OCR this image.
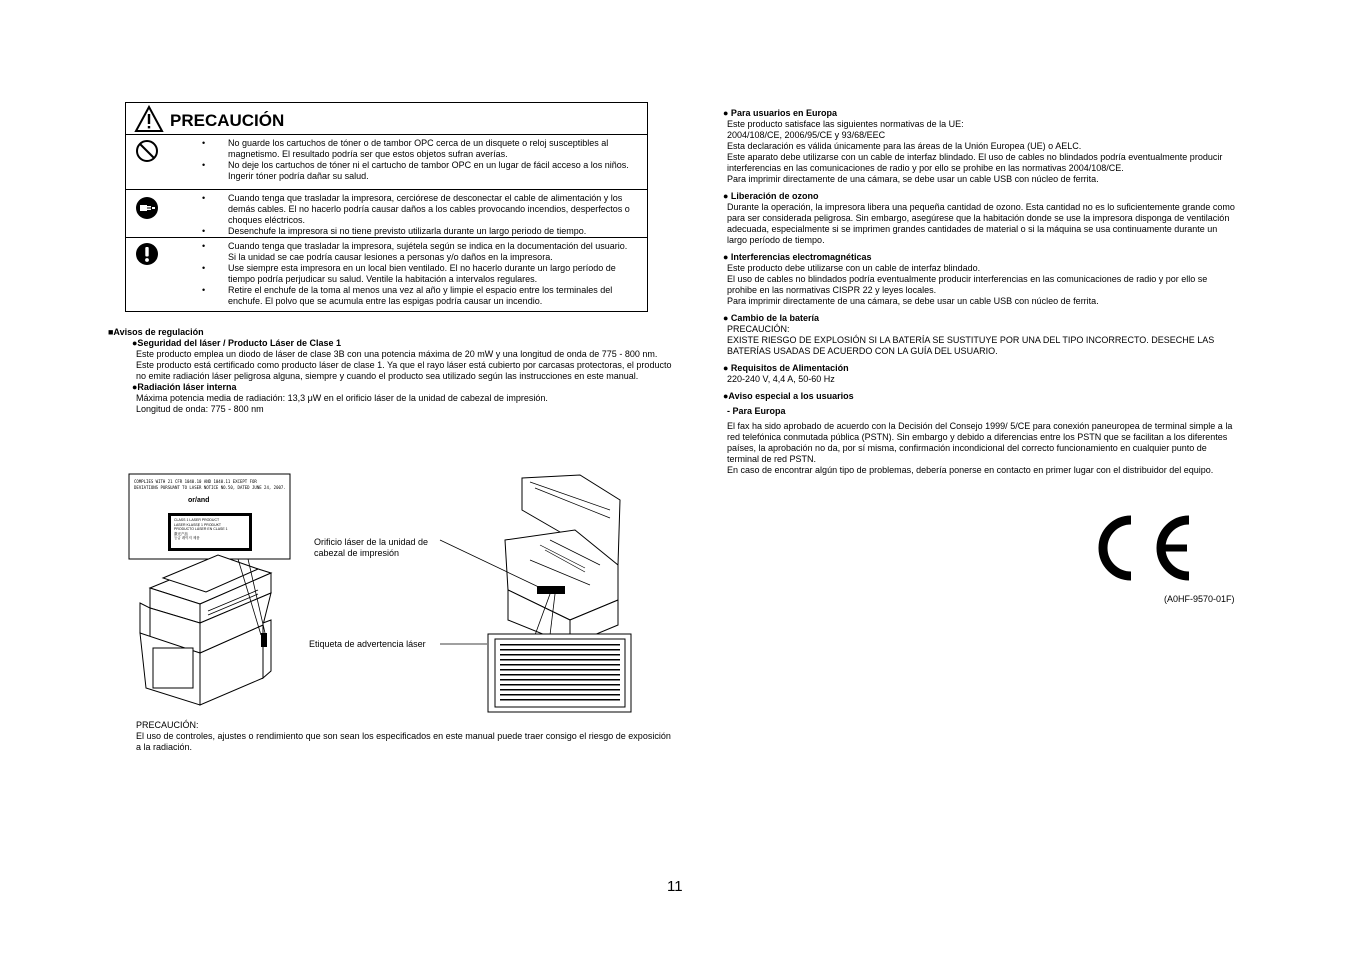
PRECAUCIÓN
• No guarde los cartuchos de tóner o de tambor OPC cerca de un disquete o reloj susceptibles al magnetismo. El resultado podría ser que estos objetos sufran averías.
• No deje los cartuchos de tóner ni el cartucho de tambor OPC en un lugar de fácil acceso a los niños. Ingerir tóner podría dañar su salud.
• Cuando tenga que trasladar la impresora, cerciórese de desconectar el cable de alimentación y los demás cables. El no hacerlo podría causar daños a los cables provocando incendios, desperfectos o choques eléctricos.
• Desenchufe la impresora si no tiene previsto utilizarla durante un largo periodo de tiempo.
• Cuando tenga que trasladar la impresora, sujétela según se indica en la documentación del usuario. Si la unidad se cae podría causar lesiones a personas y/o daños en la impresora.
• Use siempre esta impresora en un local bien ventilado. El no hacerlo durante un largo período de tiempo podría perjudicar su salud. Ventile la habitación a intervalos regulares.
• Retire el enchufe de la toma al menos una vez al año y limpie el espacio entre los terminales del enchufe. El polvo que se acumula entre las espigas podría causar un incendio.

■Avisos de regulación

●Seguridad del láser / Producto Láser de Clase 1

Este producto emplea un diodo de láser de clase 3B con una potencia máxima de 20 mW y una longitud de onda de 775 - 800 nm.

Este producto está certificado como producto láser de clase 1. Ya que el rayo láser está cubierto por carcasas protectoras, el producto no emite radiación láser peligrosa alguna, siempre y cuando el producto sea utilizado según las instrucciones en este manual.

●Radiación láser interna

Máxima potencia media de radiación: 13,3 μW en el orificio láser de la unidad de cabezal de impresión.

Longitud de onda: 775 - 800 nm

COMPLIES WITH 21 CFR 1040.10 AND 1040.11 EXCEPT FOR
DEVIATIONS PURSUANT TO LASER NOTICE NO.50, DATED JUNE 24, 2007.
or/and
CLASS 1 LASER PRODUCT
LASER KLASSE 1 PRODUKT
PRODUCTO LÁSER EN CLASE 1
激光产品
등급 레이저 제품	Orificio láser de la unidad de cabezal de impresión
Etiqueta de advertencia láser

PRECAUCIÓN:

El uso de controles, ajustes o rendimiento que son sean los especificados en este manual puede traer consigo el riesgo de exposición a la radiación.

● Para usuarios en Europa

Este producto satisface las siguientes normativas de la UE:

2004/108/CE, 2006/95/CE y 93/68/EEC

Esta declaración es válida únicamente para las áreas de la Unión Europea (UE) o AELC.

Este aparato debe utilizarse con un cable de interfaz blindado. El uso de cables no blindados podría eventualmente producir interferencias en las comunicaciones de radio y por ello se prohibe en las normativas 2004/108/CE.

Para imprimir directamente de una cámara, se debe usar un cable USB con núcleo de ferrita.

● Liberación de ozono

Durante la operación, la impresora libera una pequeña cantidad de ozono. Esta cantidad no es lo suficientemente grande como para ser considerada peligrosa. Sin embargo, asegúrese que la habitación donde se use la impresora disponga de ventilación adecuada, especialmente si se imprimen grandes cantidades de material o si la máquina se usa continuamente durante un largo período de tiempo.

● Interferencias electromagnéticas

Este producto debe utilizarse con un cable de interfaz blindado.

El uso de cables no blindados podría eventualmente producir interferencias en las comunicaciones de radio y por ello se prohibe en las normativas CISPR 22 y leyes locales.

Para imprimir directamente de una cámara, se debe usar un cable USB con núcleo de ferrita.

● Cambio de la batería

PRECAUCIÓN:

EXISTE RIESGO DE EXPLOSIÓN SI LA BATERÍA SE SUSTITUYE POR UNA DEL TIPO INCORRECTO. DESECHE LAS BATERÍAS USADAS DE ACUERDO CON LA GUÍA DEL USUARIO.

● Requisitos de Alimentación

220-240 V, 4,4 A, 50-60 Hz

●Aviso especial a los usuarios

- Para Europa

El fax ha sido aprobado de acuerdo con la Decisión del Consejo 1999/ 5/CE para conexión paneuropea de terminal simple a la red telefónica conmutada pública (PSTN). Sin embargo y debido a diferencias entre los PSTN que se facilitan a los diferentes países, la aprobación no da, por sí misma, confirmación incondicional del correcto funcionamiento en cualquier punto de terminal de red PSTN.

En caso de encontrar algún tipo de problemas, debería ponerse en contacto en primer lugar con el distribuidor del equipo.

(A0HF-9570-01F)
11
